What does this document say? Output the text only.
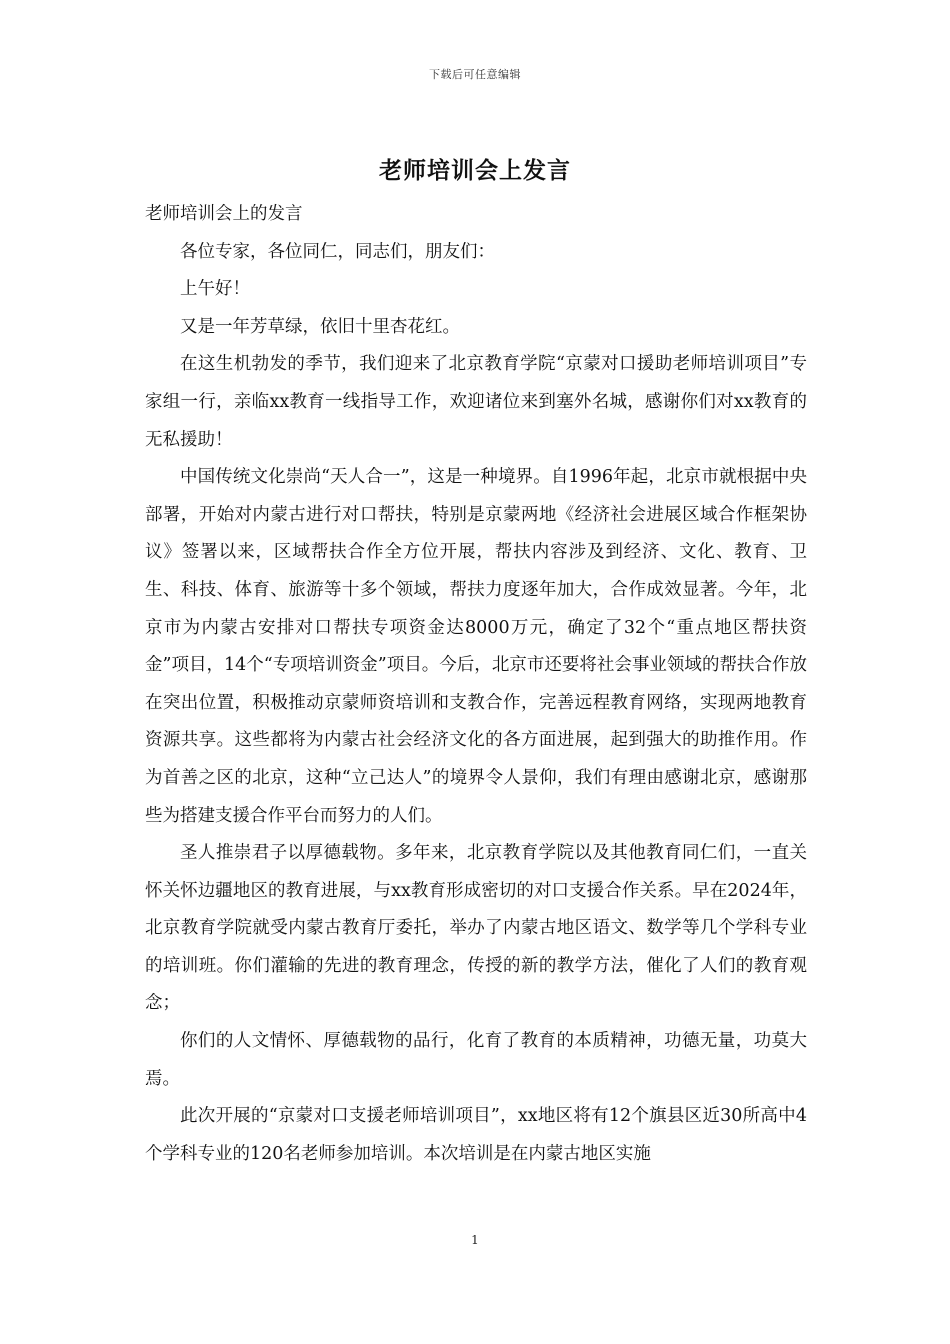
下载后可任意编辑
老师培训会上发言

老师培训会上的发言

各位专家，各位同仁，同志们，朋友们：

上午好！

又是一年芳草绿，依旧十里杏花红。

在这生机勃发的季节，我们迎来了北京教育学院“京蒙对口援助老师培训项目”专家组一行，亲临xx教育一线指导工作，欢迎诸位来到塞外名城，感谢你们对xx教育的无私援助！

中国传统文化崇尚“天人合一”，这是一种境界。自1996年起，北京市就根据中央部署，开始对内蒙古进行对口帮扶，特别是京蒙两地《经济社会进展区域合作框架协议》签署以来，区域帮扶合作全方位开展，帮扶内容涉及到经济、文化、教育、卫生、科技、体育、旅游等十多个领域，帮扶力度逐年加大，合作成效显著。今年，北京市为内蒙古安排对口帮扶专项资金达8000万元，确定了32个“重点地区帮扶资金”项目，14个“专项培训资金”项目。今后，北京市还要将社会事业领域的帮扶合作放在突出位置，积极推动京蒙师资培训和支教合作，完善远程教育网络，实现两地教育资源共享。这些都将为内蒙古社会经济文化的各方面进展，起到强大的助推作用。作为首善之区的北京，这种“立己达人”的境界令人景仰，我们有理由感谢北京，感谢那些为搭建支援合作平台而努力的人们。

圣人推崇君子以厚德载物。多年来，北京教育学院以及其他教育同仁们，一直关怀关怀边疆地区的教育进展，与xx教育形成密切的对口支援合作关系。早在2024年，北京教育学院就受内蒙古教育厅委托，举办了内蒙古地区语文、数学等几个学科专业的培训班。你们灌输的先进的教育理念，传授的新的教学方法，催化了人们的教育观念；

你们的人文情怀、厚德载物的品行，化育了教育的本质精神，功德无量，功莫大焉。

此次开展的“京蒙对口支援老师培训项目”，xx地区将有12个旗县区近30所高中4个学科专业的120名老师参加培训。本次培训是在内蒙古地区实施

1
